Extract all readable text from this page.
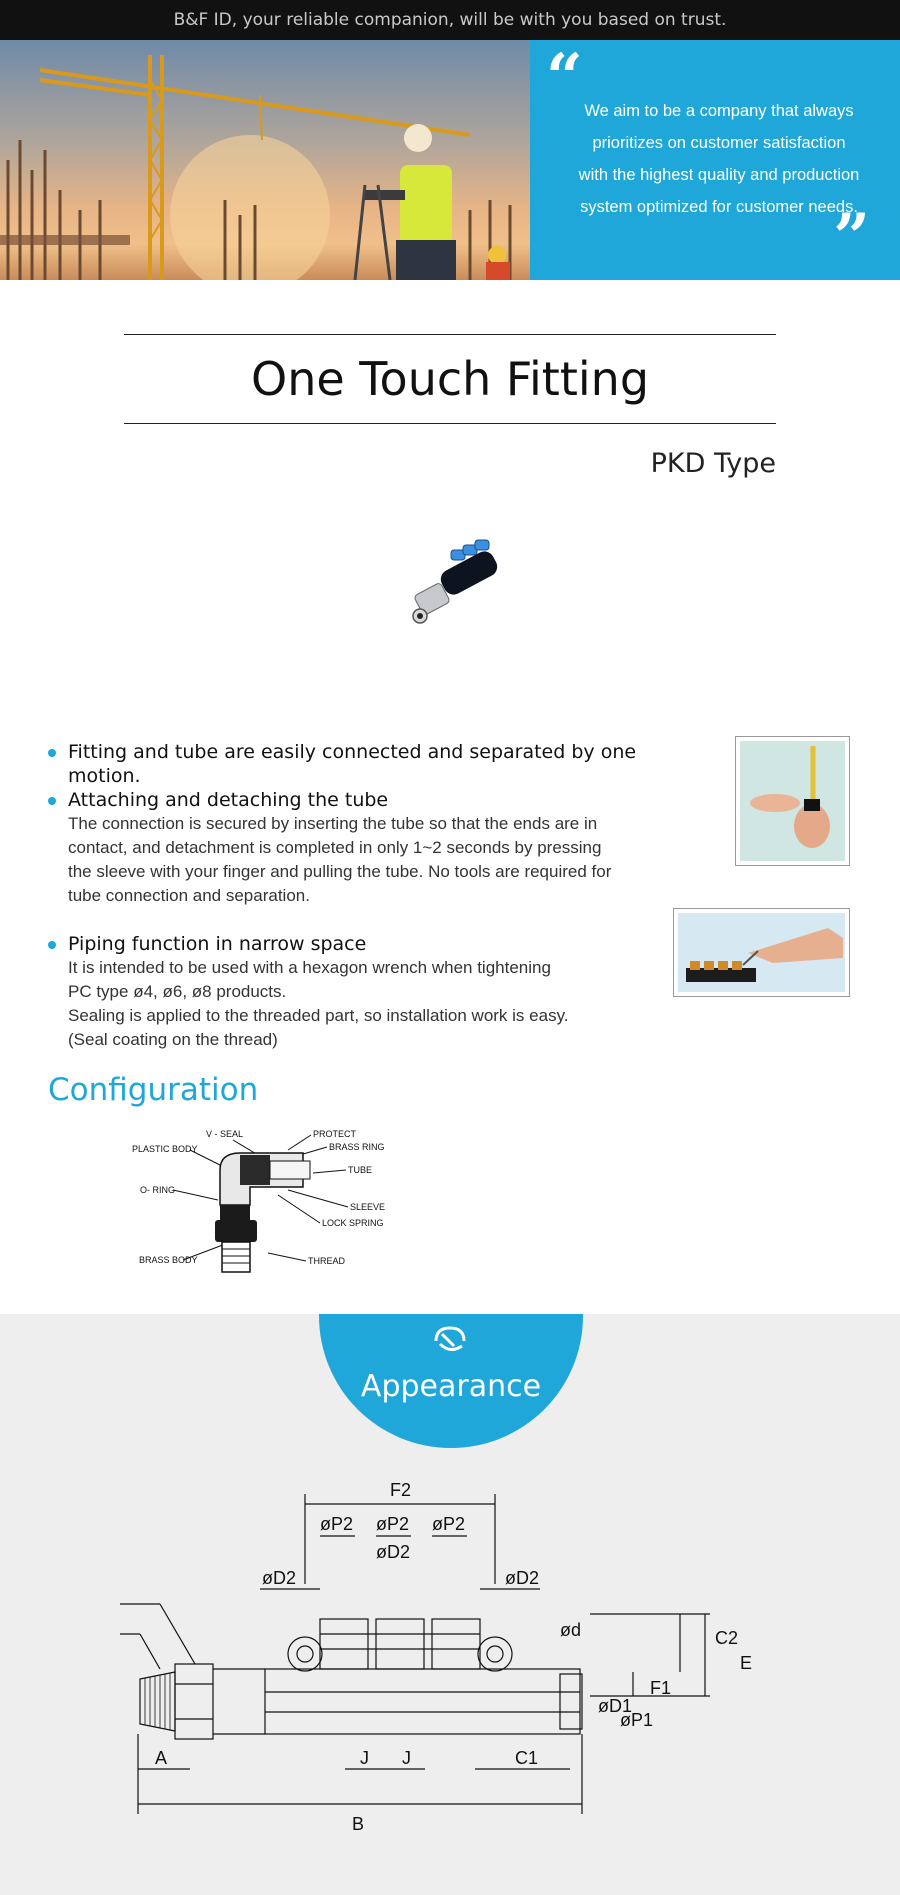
B&F ID, your reliable companion, will be with you based on trust.
“ We aim to be a company that always
prioritizes on customer satisfaction
with the highest quality and production
system optimized for customer needs.
”
One Touch Fitting
PKD Type
Fitting and tube are easily connected and separated by one motion.
Attaching and detaching the tube
The connection is secured by inserting the tube so that the ends are in
contact, and detachment is completed in only 1~2 seconds by pressing
the sleeve with your finger and pulling the tube. No tools are required for
tube connection and separation.
Piping function in narrow space
It is intended to be used with a hexagon wrench when tightening
PC type ø4, ø6, ø8 products.
Sealing is applied to the threaded part, so installation work is easy.
(Seal coating on the thread)
Configuration
V - SEAL	PROTECT
BRASS RING
PLASTIC BODY
TUBE
O- RING
SLEEVE
LOCK SPRING
BRASS BODY	THREAD
Appearance
F2
øP2 øP2 øP2
øD2
øD2	øD2
ød	C2
E
F1
øD1
øP1
A	J J	C1
B
